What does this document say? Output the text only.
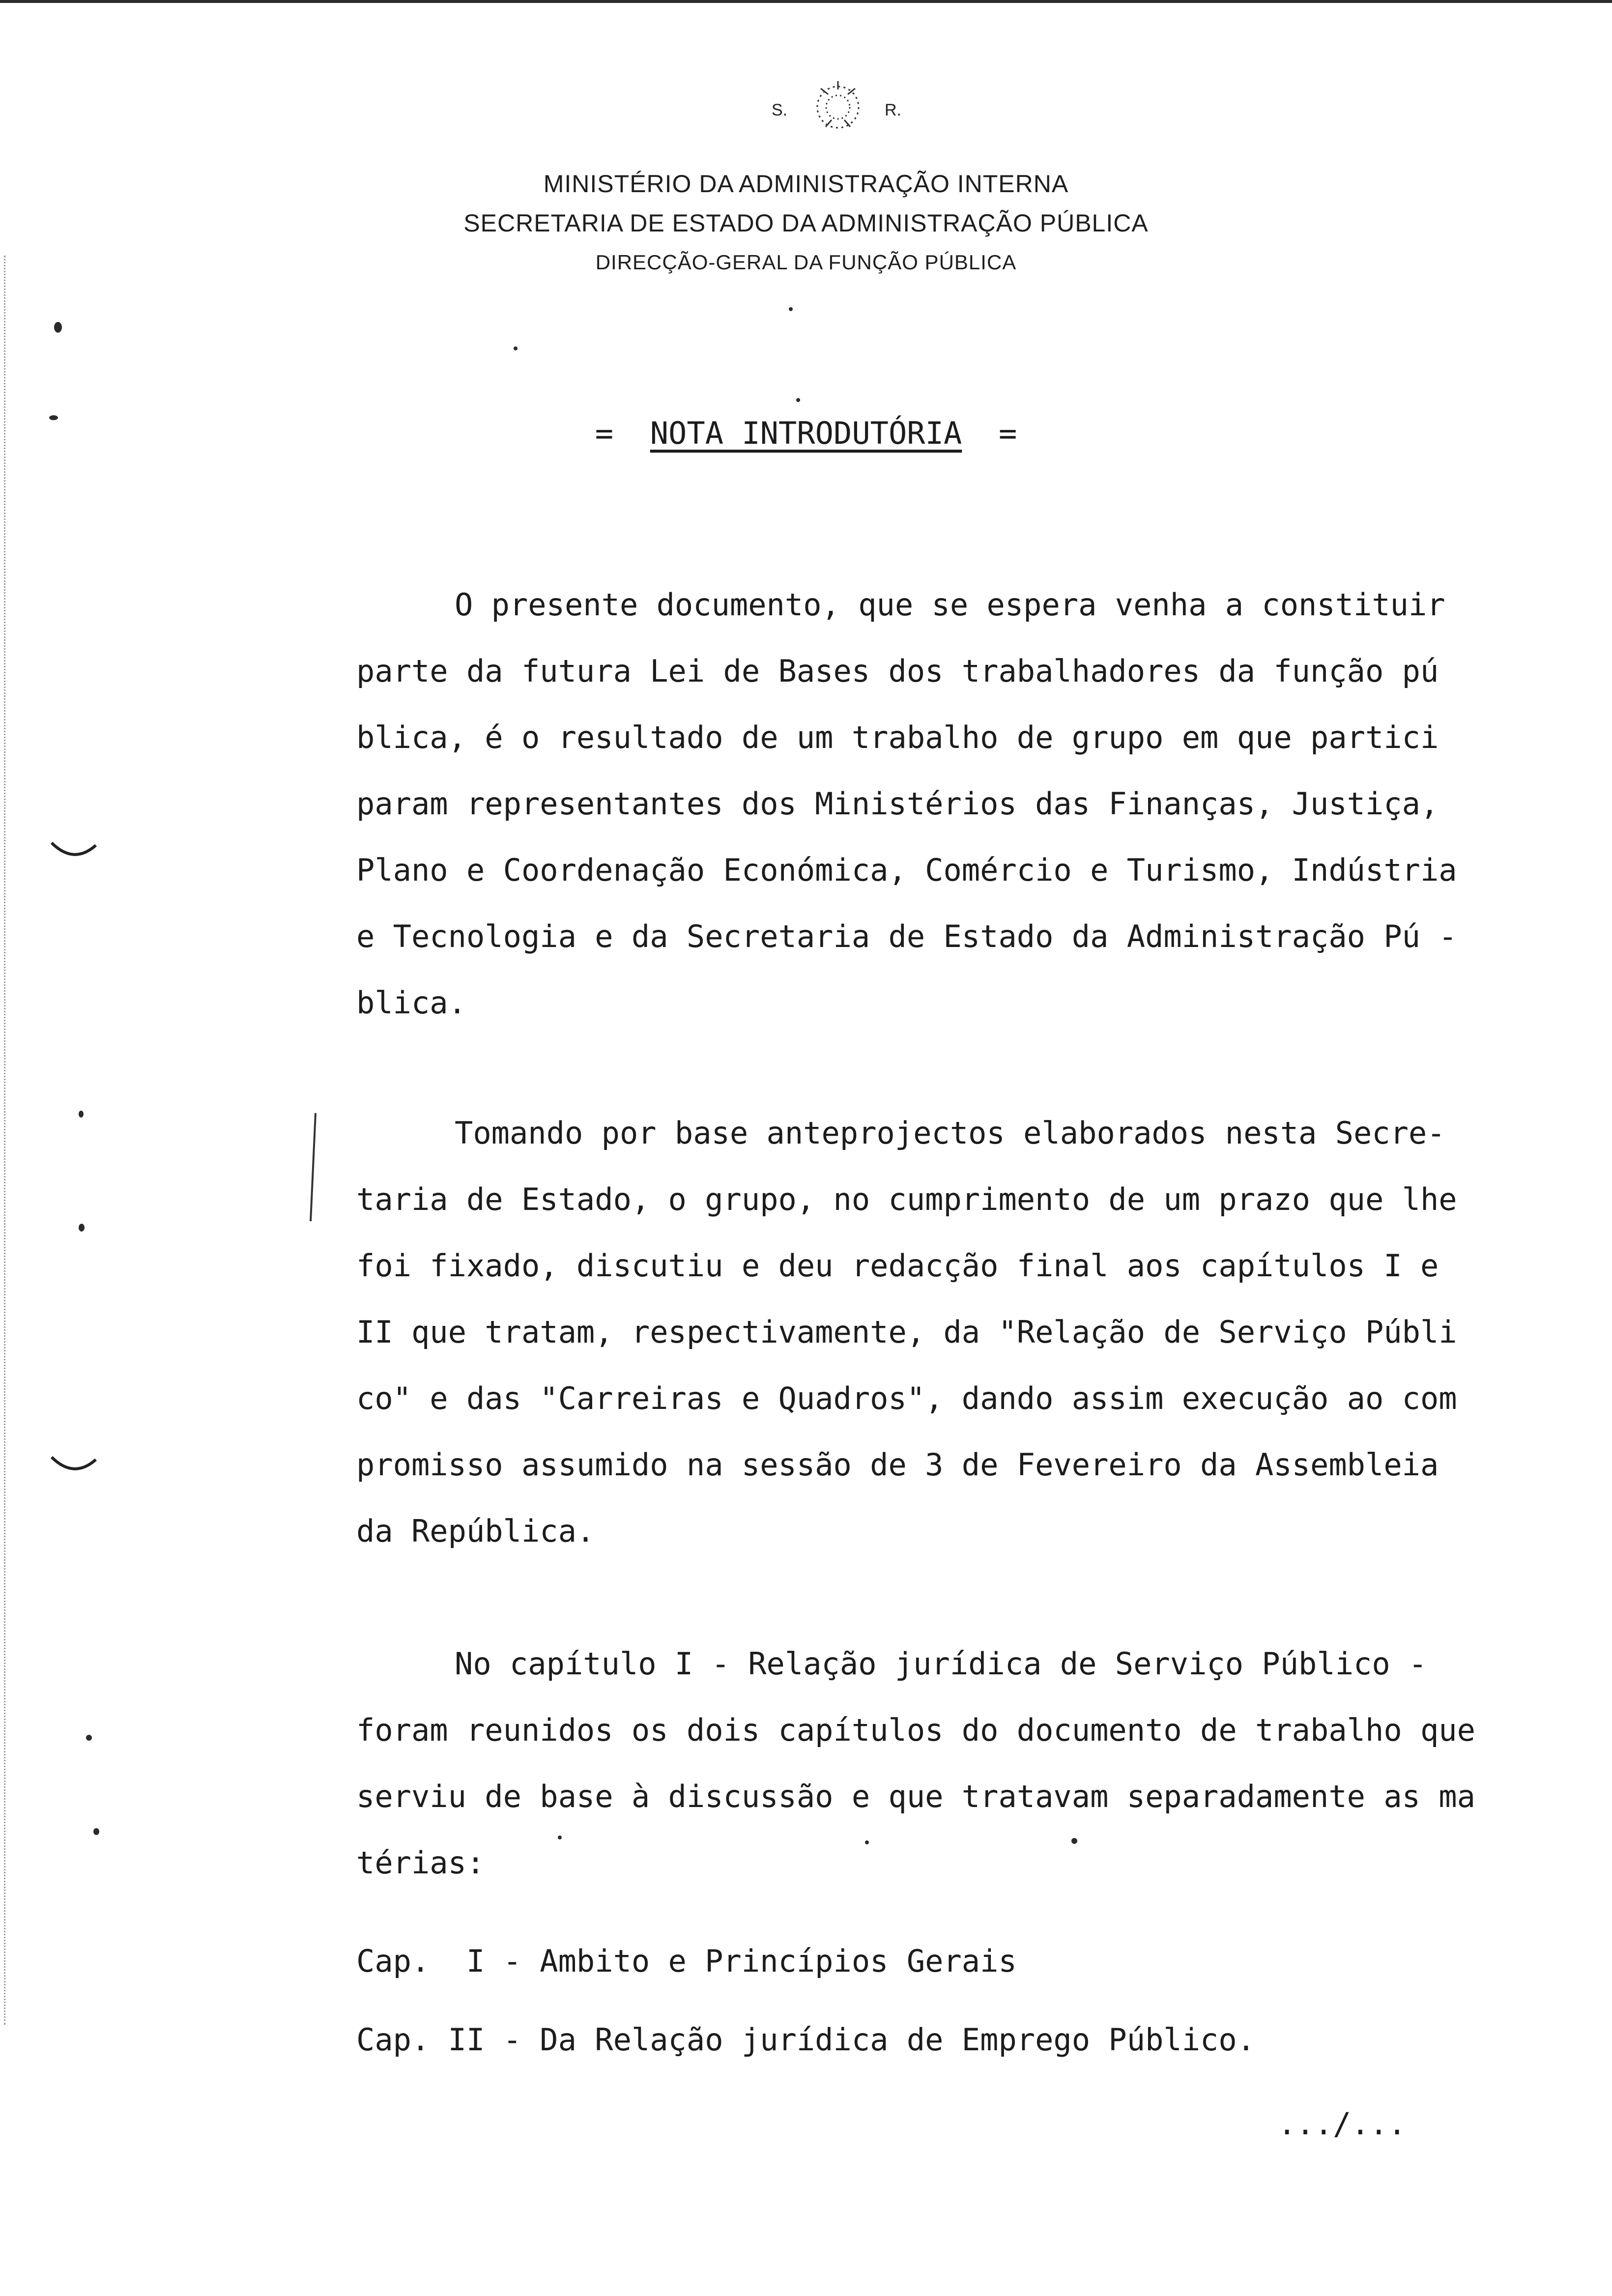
S.	R.
MINISTÉRIO DA ADMINISTRAÇÃO INTERNA
SECRETARIA DE ESTADO DA ADMINISTRAÇÃO PÚBLICA
DIRECÇÃO-GERAL DA FUNÇÃO PÚBLICA
= NOTA INTRODUTÓRIA =
O presente documento, que se espera venha a constituir
parte da futura Lei de Bases dos trabalhadores da função pú
blica, é o resultado de um trabalho de grupo em que partici
param representantes dos Ministérios das Finanças, Justiça,
Plano e Coordenação Económica, Comércio e Turismo, Indústria
e Tecnologia e da Secretaria de Estado da Administração Pú -
blica.
Tomando por base anteprojectos elaborados nesta Secre-
taria de Estado, o grupo, no cumprimento de um prazo que lhe
foi fixado, discutiu e deu redacção final aos capítulos I e
II que tratam, respectivamente, da "Relação de Serviço Públi
co" e das "Carreiras e Quadros", dando assim execução ao com
promisso assumido na sessão de 3 de Fevereiro da Assembleia
da República.
No capítulo I - Relação jurídica de Serviço Público -
foram reunidos os dois capítulos do documento de trabalho que
serviu de base à discussão e que tratavam separadamente as ma
térias:
Cap.  I - Ambito e Princípios Gerais
Cap. II - Da Relação jurídica de Emprego Público.
.../...
